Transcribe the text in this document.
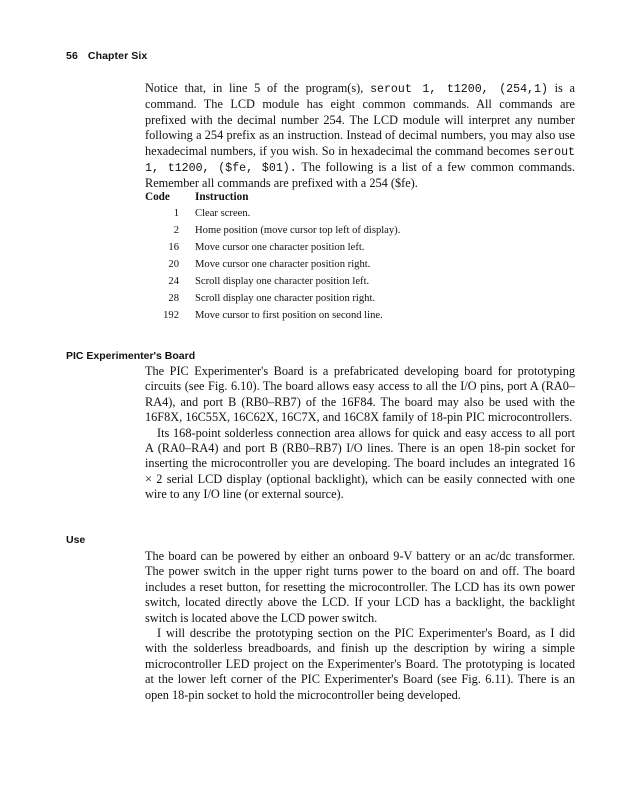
56 Chapter Six

Notice that, in line 5 of the program(s), serout 1, t1200, (254,1) is a command. The LCD module has eight common commands. All commands are prefixed with the decimal number 254. The LCD module will interpret any number following a 254 prefix as an instruction. Instead of decimal numbers, you may also use hexadecimal numbers, if you wish. So in hexadecimal the command becomes serout 1, t1200, ($fe, $01). The following is a list of a few common commands. Remember all commands are prefixed with a 254 ($fe).

Code	Instruction
1 Clear screen.
2 Home position (move cursor top left of display).
16 Move cursor one character position left.
20 Move cursor one character position right.
24 Scroll display one character position left.
28 Scroll display one character position right.
192 Move cursor to first position on second line.
PIC Experimenter's Board

The PIC Experimenter's Board is a prefabricated developing board for prototyping circuits (see Fig. 6.10). The board allows easy access to all the I/O pins, port A (RA0–RA4), and port B (RB0–RB7) of the 16F84. The board may also be used with the 16F8X, 16C55X, 16C62X, 16C7X, and 16C8X family of 18-pin PIC microcontrollers.

Its 168-point solderless connection area allows for quick and easy access to all port A (RA0–RA4) and port B (RB0–RB7) I/O lines. There is an open 18-pin socket for inserting the microcontroller you are developing. The board includes an integrated 16 × 2 serial LCD display (optional backlight), which can be easily connected with one wire to any I/O line (or external source).

Use

The board can be powered by either an onboard 9-V battery or an ac/dc transformer. The power switch in the upper right turns power to the board on and off. The board includes a reset button, for resetting the microcontroller. The LCD has its own power switch, located directly above the LCD. If your LCD has a backlight, the backlight switch is located above the LCD power switch.

I will describe the prototyping section on the PIC Experimenter's Board, as I did with the solderless breadboards, and finish up the description by wiring a simple microcontroller LED project on the Experimenter's Board. The prototyping is located at the lower left corner of the PIC Experimenter's Board (see Fig. 6.11). There is an open 18-pin socket to hold the microcontroller being developed.
